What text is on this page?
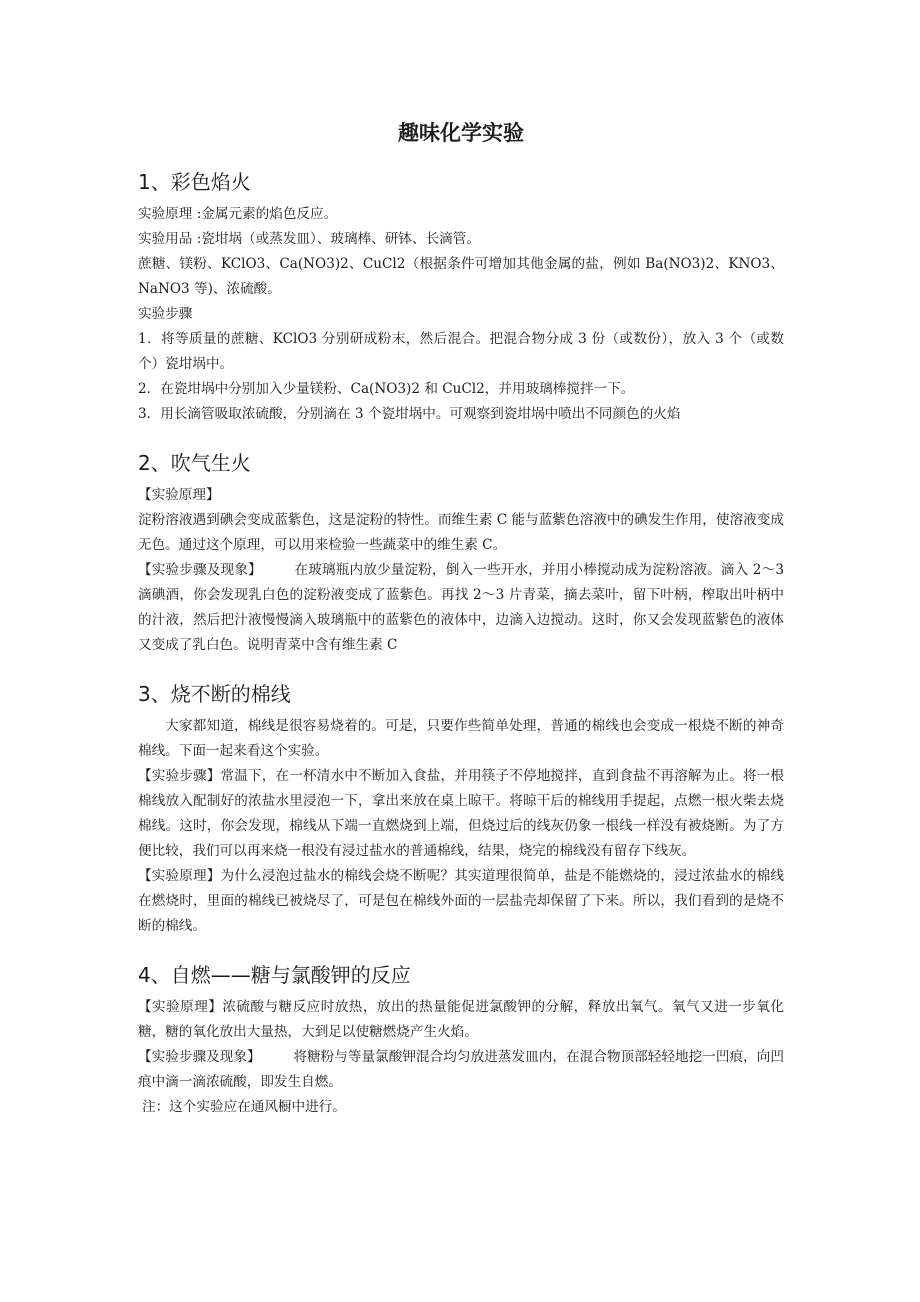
趣味化学实验
1、彩色焰火

实验原理 :金属元素的焰色反应。

实验用品 :瓷坩埚（或蒸发皿）、玻璃棒、研钵、长滴管。

蔗糖、镁粉、KClO3、Ca(NO3)2、CuCl2（根据条件可增加其他金属的盐，例如 Ba(NO3)2、KNO3、NaNO3 等)、浓硫酸。

实验步骤

1．将等质量的蔗糖、KClO3 分别研成粉末，然后混合。把混合物分成 3 份（或数份），放入 3 个（或数个）瓷坩埚中。

2．在瓷坩埚中分别加入少量镁粉、Ca(NO3)2 和 CuCl2，并用玻璃棒搅拌一下。

3．用长滴管吸取浓硫酸，分别滴在 3 个瓷坩埚中。可观察到瓷坩埚中喷出不同颜色的火焰

2、吹气生火

【实验原理】

淀粉溶液遇到碘会变成蓝紫色，这是淀粉的特性。而维生素 C 能与蓝紫色溶液中的碘发生作用，使溶液变成无色。通过这个原理，可以用来检验一些蔬菜中的维生素 C。

【实验步骤及现象】 在玻璃瓶内放少量淀粉，倒入一些开水，并用小棒搅动成为淀粉溶液。滴入 2～3 滴碘酒，你会发现乳白色的淀粉液变成了蓝紫色。再找 2～3 片青菜，摘去菜叶，留下叶柄，榨取出叶柄中的汁液，然后把汁液慢慢滴入玻璃瓶中的蓝紫色的液体中，边滴入边搅动。这时，你又会发现蓝紫色的液体又变成了乳白色。说明青菜中含有维生素 C

3、烧不断的棉线

大家都知道，棉线是很容易烧着的。可是，只要作些简单处理，普通的棉线也会变成一根烧不断的神奇棉线。下面一起来看这个实验。

【实验步骤】常温下，在一杯清水中不断加入食盐，并用筷子不停地搅拌，直到食盐不再溶解为止。将一根棉线放入配制好的浓盐水里浸泡一下，拿出来放在桌上晾干。将晾干后的棉线用手提起，点燃一根火柴去烧棉线。这时，你会发现，棉线从下端一直燃烧到上端，但烧过后的线灰仍象一根线一样没有被烧断。为了方便比较，我们可以再来烧一根没有浸过盐水的普通棉线，结果，烧完的棉线没有留存下线灰。

【实验原理】为什么浸泡过盐水的棉线会烧不断呢？其实道理很简单，盐是不能燃烧的，浸过浓盐水的棉线在燃烧时，里面的棉线已被烧尽了，可是包在棉线外面的一层盐壳却保留了下来。所以，我们看到的是烧不断的棉线。

4、自燃——糖与氯酸钾的反应

【实验原理】浓硫酸与糖反应时放热，放出的热量能促进氯酸钾的分解，释放出氧气。氧气又进一步氧化糖，糖的氧化放出大量热，大到足以使糖燃烧产生火焰。

【实验步骤及现象】 将糖粉与等量氯酸钾混合均匀放进蒸发皿内，在混合物顶部轻轻地挖一凹痕，向凹痕中滴一滴浓硫酸，即发生自燃。

注：这个实验应在通风橱中进行。
